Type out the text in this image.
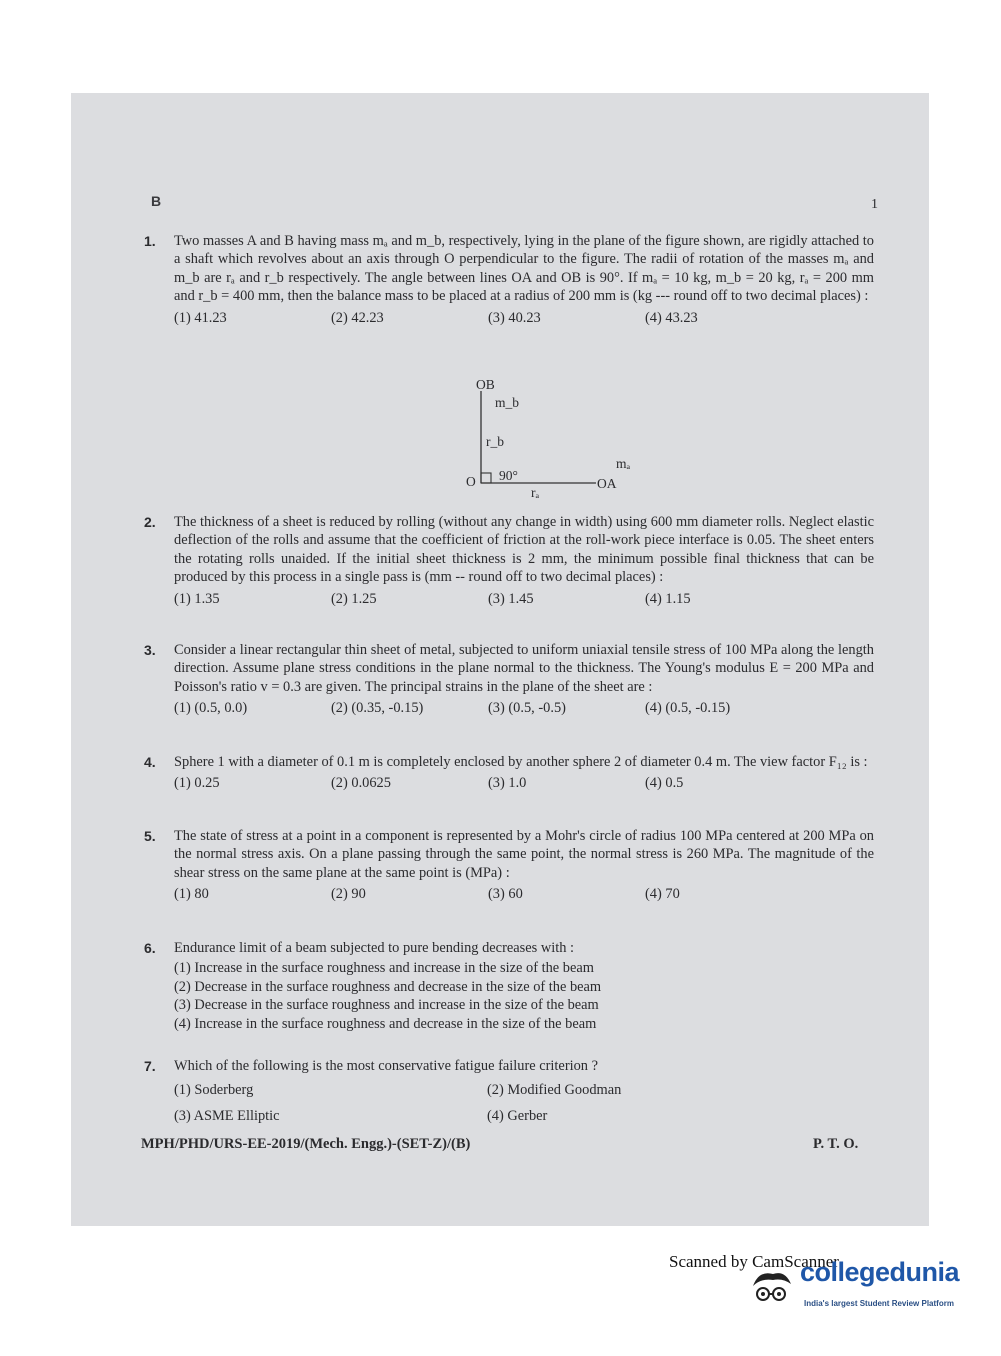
B	1
1. Two masses A and B having mass mₐ and m_b, respectively, lying in the plane of the figure shown, are rigidly attached to a shaft which revolves about an axis through O perpendicular to the figure. The radii of rotation of the masses mₐ and m_b are rₐ and r_b respectively. The angle between lines OA and OB is 90°. If mₐ = 10 kg, m_b = 20 kg, rₐ = 200 mm and r_b = 400 mm, then the balance mass to be placed at a radius of 200 mm is (kg --- round off to two decimal places) :
(1) 41.23	(2) 42.23	(3) 40.23	(4) 43.23
OB
m_b
r_b
O 90°
mₐ
OA
rₐ
2. The thickness of a sheet is reduced by rolling (without any change in width) using 600 mm diameter rolls. Neglect elastic deflection of the rolls and assume that the coefficient of friction at the roll-work piece interface is 0.05. The sheet enters the rotating rolls unaided. If the initial sheet thickness is 2 mm, the minimum possible final thickness that can be produced by this process in a single pass is (mm -- round off to two decimal places) :
(1) 1.35	(2) 1.25	(3) 1.45	(4) 1.15
3. Consider a linear rectangular thin sheet of metal, subjected to uniform uniaxial tensile stress of 100 MPa along the length direction. Assume plane stress conditions in the plane normal to the thickness. The Young's modulus E = 200 MPa and Poisson's ratio v = 0.3 are given. The principal strains in the plane of the sheet are :
(1) (0.5, 0.0)	(2) (0.35, -0.15)	(3) (0.5, -0.5)	(4) (0.5, -0.15)
4. Sphere 1 with a diameter of 0.1 m is completely enclosed by another sphere 2 of diameter 0.4 m. The view factor F₁₂ is :
(1) 0.25	(2) 0.0625	(3) 1.0	(4) 0.5
5. The state of stress at a point in a component is represented by a Mohr's circle of radius 100 MPa centered at 200 MPa on the normal stress axis. On a plane passing through the same point, the normal stress is 260 MPa. The magnitude of the shear stress on the same plane at the same point is (MPa) :
(1) 80	(2) 90	(3) 60	(4) 70
6. Endurance limit of a beam subjected to pure bending decreases with :
(1) Increase in the surface roughness and increase in the size of the beam
(2) Decrease in the surface roughness and decrease in the size of the beam
(3) Decrease in the surface roughness and increase in the size of the beam
(4) Increase in the surface roughness and decrease in the size of the beam
7. Which of the following is the most conservative fatigue failure criterion ?
(1) Soderberg	(2) Modified Goodman
(3) ASME Elliptic	(4) Gerber
MPH/PHD/URS-EE-2019/(Mech. Engg.)-(SET-Z)/(B)	P. T. O.
Scanned by CamScanner
collegedunia
India's largest Student Review Platform
